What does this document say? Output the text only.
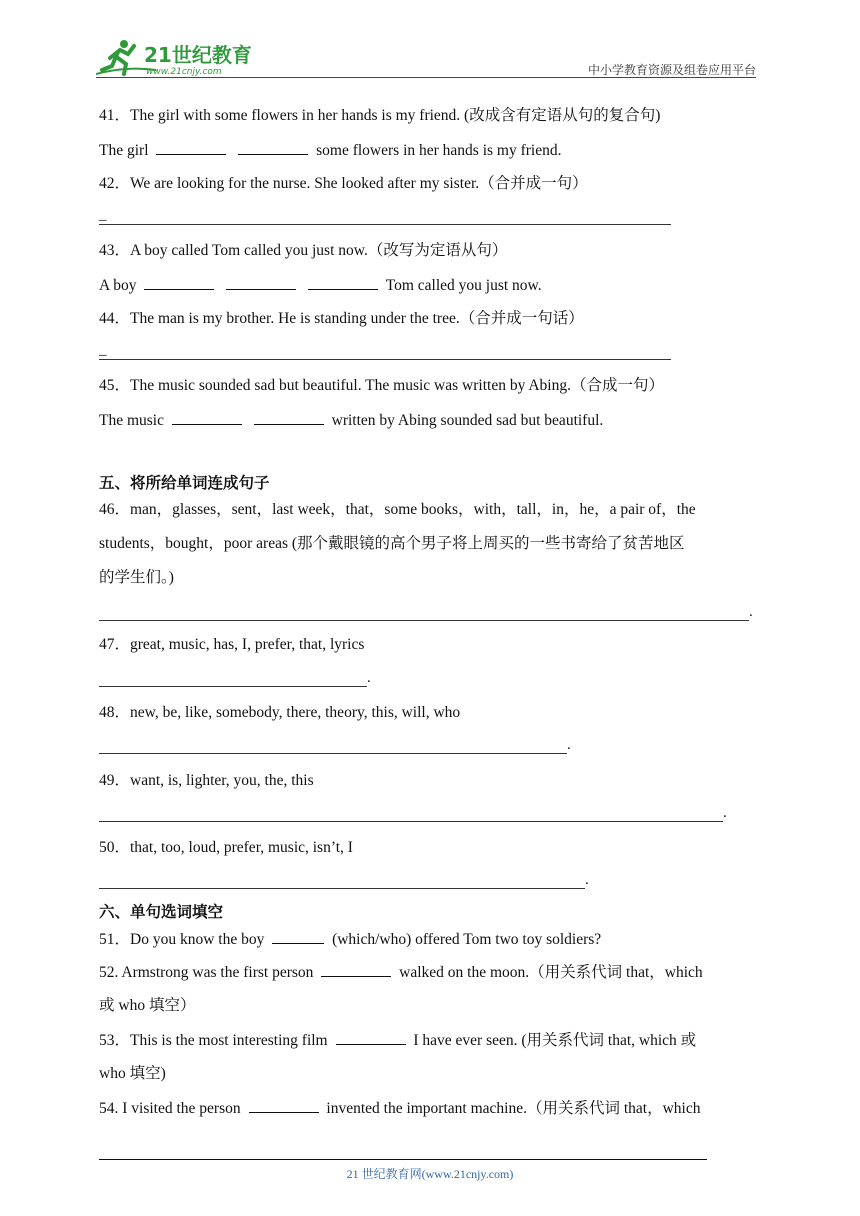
21世纪教育
www.21cnjy.com	中小学教育资源及组卷应用平台
41．The girl with some flowers in her hands is my friend. (改成含有定语从句的复合句)
The girl	some flowers in her hands is my friend.
42．We are looking for the nurse. She looked after my sister.（合并成一句）
_
43．A boy called Tom called you just now.（改写为定语从句）
A boy	Tom called you just now.
44．The man is my brother. He is standing under the tree.（合并成一句话）
_
45．The music sounded sad but beautiful. The music was written by Abing.（合成一句）
The music	written by Abing sounded sad but beautiful.
五、将所给单词连成句子
46．man，glasses，sent，last week，that，some books，with，tall，in，he，a pair of，the
students，bought，poor areas (那个戴眼镜的高个男子将上周买的一些书寄给了贫苦地区
的学生们。)
.
47．great, music, has, I, prefer, that, lyrics
.
48．new, be, like, somebody, there, theory, this, will, who
.
49．want, is, lighter, you, the, this
.
50．that, too, loud, prefer, music, isn’t, I
.
六、单句选词填空
51．Do you know the boy	(which/who) offered Tom two toy soldiers?
52. Armstrong was the first person	walked on the moon.（用关系代词 that，which
或 who 填空）
53．This is the most interesting film	I have ever seen. (用关系代词 that, which 或
who 填空)
54. I visited the person	invented the important machine.（用关系代词 that，which
21 世纪教育网(www.21cnjy.com)
